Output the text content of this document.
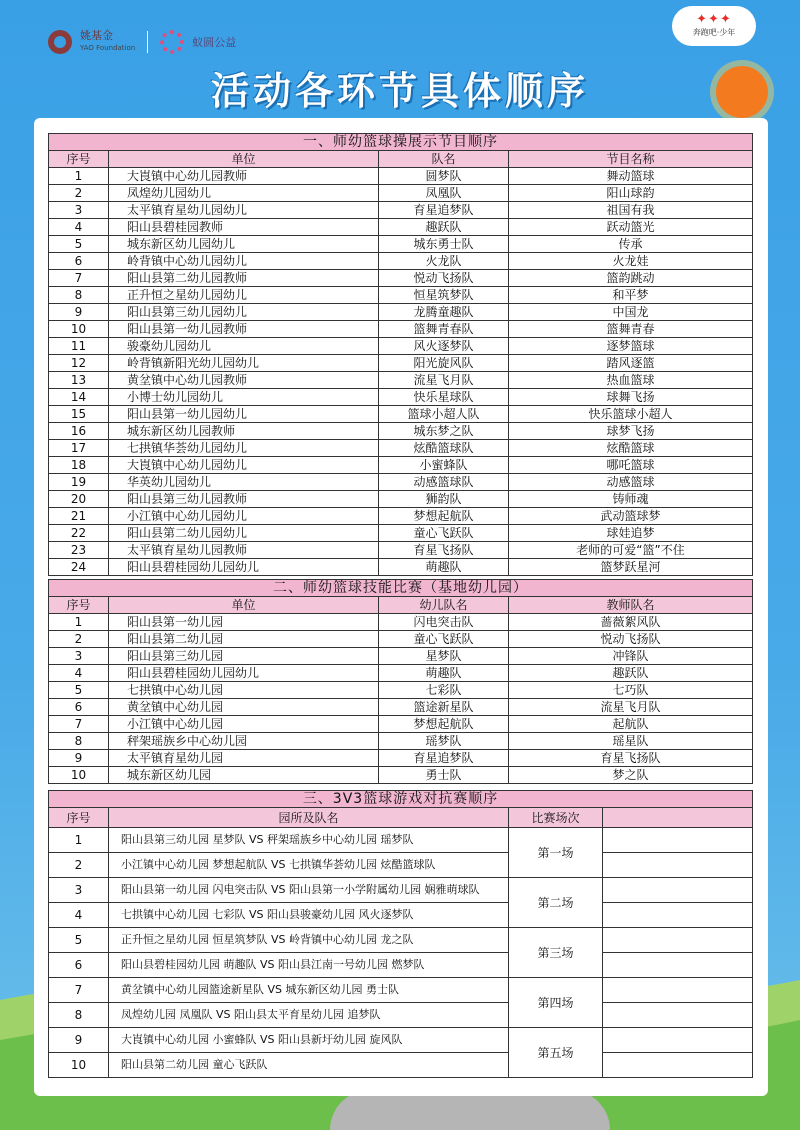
姚基金
YAO Foundation	蚁圆公益
✦✦✦
奔跑吧·少年
活动各环节具体顺序
一、师幼篮球操展示节目顺序			
序号	单位	队名	节目名称
1	大崀镇中心幼儿园教师	圆梦队	舞动篮球
2	凤煌幼儿园幼儿	凤凰队	阳山球韵
3	太平镇育星幼儿园幼儿	育星追梦队	祖国有我
4	阳山县碧桂园教师	趣跃队	跃动篮光
5	城东新区幼儿园幼儿	城东勇士队	传承
6	岭背镇中心幼儿园幼儿	火龙队	火龙娃
7	阳山县第二幼儿园教师	悦动飞扬队	篮韵跳动
8	正升恒之星幼儿园幼儿	恒星筑梦队	和平梦
9	阳山县第三幼儿园幼儿	龙腾童趣队	中国龙
10	阳山县第一幼儿园教师	篮舞青春队	篮舞青春
11	骏豪幼儿园幼儿	风火逐梦队	逐梦篮球
12	岭背镇新阳光幼儿园幼儿	阳光旋风队	踏风逐篮
13	黄坌镇中心幼儿园教师	流星飞月队	热血篮球
14	小博士幼儿园幼儿	快乐星球队	球舞飞扬
15	阳山县第一幼儿园幼儿	篮球小超人队	快乐篮球小超人
16	城东新区幼儿园教师	城东梦之队	球梦飞扬
17	七拱镇华荟幼儿园幼儿	炫酷篮球队	炫酷篮球
18	大崀镇中心幼儿园幼儿	小蜜蜂队	哪吒篮球
19	华英幼儿园幼儿	动感篮球队	动感篮球
20	阳山县第三幼儿园教师	狮韵队	铸师魂
21	小江镇中心幼儿园幼儿	梦想起航队	武动篮球梦
22	阳山县第二幼儿园幼儿	童心飞跃队	球娃追梦
23	太平镇育星幼儿园教师	育星飞扬队	老师的可爱“篮”不住
24	阳山县碧桂园幼儿园幼儿	萌趣队	篮梦跃星河
二、师幼篮球技能比赛（基地幼儿园）			
序号	单位	幼儿队名	教师队名
1	阳山县第一幼儿园	闪电突击队	蔷薇絮风队
2	阳山县第二幼儿园	童心飞跃队	悦动飞扬队
3	阳山县第三幼儿园	星梦队	冲锋队
4	阳山县碧桂园幼儿园幼儿	萌趣队	趣跃队
5	七拱镇中心幼儿园	七彩队	七巧队
6	黄坌镇中心幼儿园	篮途新星队	流星飞月队
7	小江镇中心幼儿园	梦想起航队	起航队
8	秤架瑶族乡中心幼儿园	瑶梦队	瑶星队
9	太平镇育星幼儿园	育星追梦队	育星飞扬队
10	城东新区幼儿园	勇士队	梦之队
三、3V3篮球游戏对抗赛顺序			
序号	园所及队名	比赛场次	
1	阳山县第三幼儿园 星梦队 VS 秤架瑶族乡中心幼儿园 瑶梦队	第一场	
2	小江镇中心幼儿园 梦想起航队 VS 七拱镇华荟幼儿园 炫酷篮球队		
3	阳山县第一幼儿园 闪电突击队 VS 阳山县第一小学附属幼儿园 娴雅萌球队	第二场	
4	七拱镇中心幼儿园 七彩队 VS 阳山县骏豪幼儿园 风火逐梦队		
5	正升恒之星幼儿园 恒星筑梦队 VS 岭背镇中心幼儿园 龙之队	第三场	
6	阳山县碧桂园幼儿园 萌趣队 VS 阳山县江南一号幼儿园 燃梦队		
7	黄坌镇中心幼儿园篮途新星队 VS 城东新区幼儿园 勇士队	第四场	
8	凤煌幼儿园 凤凰队 VS 阳山县太平育星幼儿园 追梦队		
9	大崀镇中心幼儿园 小蜜蜂队 VS 阳山县新圩幼儿园 旋风队	第五场	
10	阳山县第二幼儿园 童心飞跃队		
